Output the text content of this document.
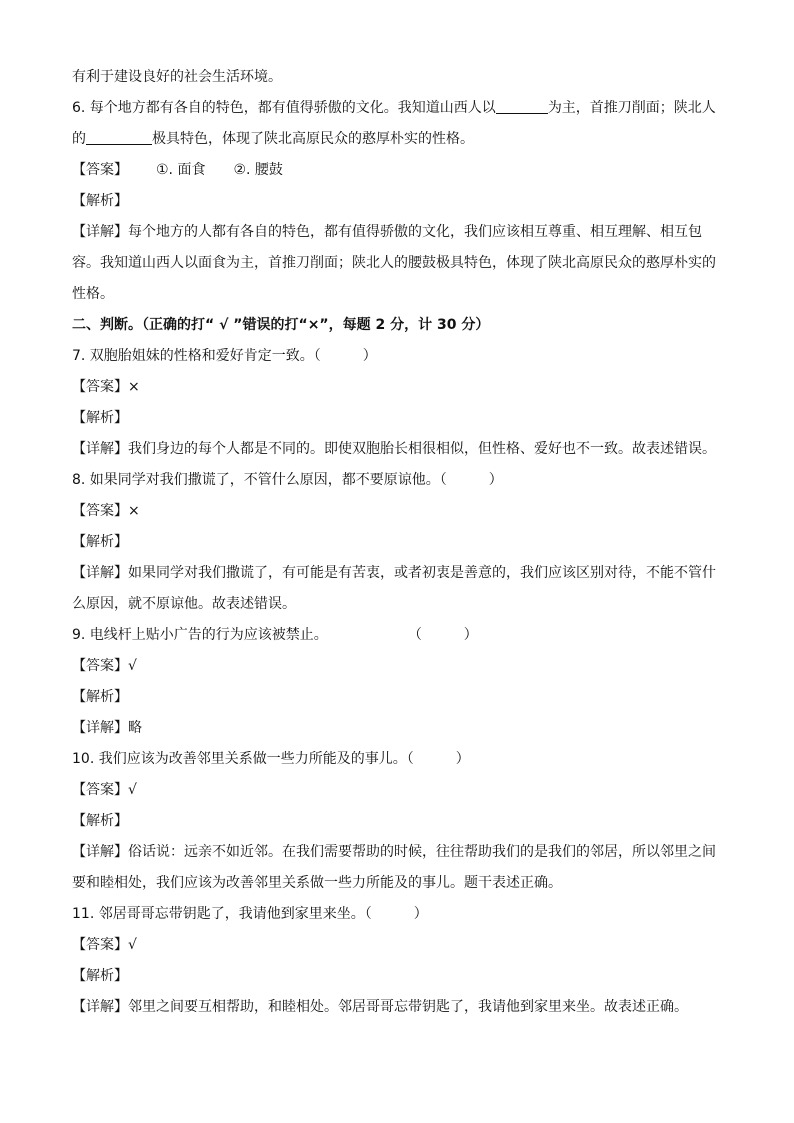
有利于建设良好的社会生活环境。
6. 每个地方都有各自的特色，都有值得骄傲的文化。我知道山西人以	为主，首推刀削面；陕北人
的	极具特色，体现了陕北高原民众的憨厚朴实的性格。
【答案】 ①. 面食 ②. 腰鼓
【解析】
【详解】每个地方的人都有各自的特色，都有值得骄傲的文化，我们应该相互尊重、相互理解、相互包
容。我知道山西人以面食为主，首推刀削面；陕北人的腰鼓极具特色，体现了陕北高原民众的憨厚朴实的
性格。
二、判断。（正确的打“ √ ”错误的打“×”，每题 2 分，计 30 分）
7. 双胞胎姐妹的性格和爱好肯定一致。（　　　）
【答案】×
【解析】
【详解】我们身边的每个人都是不同的。即使双胞胎长相很相似，但性格、爱好也不一致。故表述错误。
8. 如果同学对我们撒谎了，不管什么原因，都不要原谅他。（　　　）
【答案】×
【解析】
【详解】如果同学对我们撒谎了，有可能是有苦衷，或者初衷是善意的，我们应该区别对待，不能不管什
么原因，就不原谅他。故表述错误。
9. 电线杆上贴小广告的行为应该被禁止。	（　　　）
【答案】√
【解析】
【详解】略
10. 我们应该为改善邻里关系做一些力所能及的事儿。（　　　）
【答案】√
【解析】
【详解】俗话说：远亲不如近邻。在我们需要帮助的时候，往往帮助我们的是我们的邻居，所以邻里之间
要和睦相处，我们应该为改善邻里关系做一些力所能及的事儿。题干表述正确。
11. 邻居哥哥忘带钥匙了，我请他到家里来坐。（　　　）
【答案】√
【解析】
【详解】邻里之间要互相帮助，和睦相处。邻居哥哥忘带钥匙了，我请他到家里来坐。故表述正确。
